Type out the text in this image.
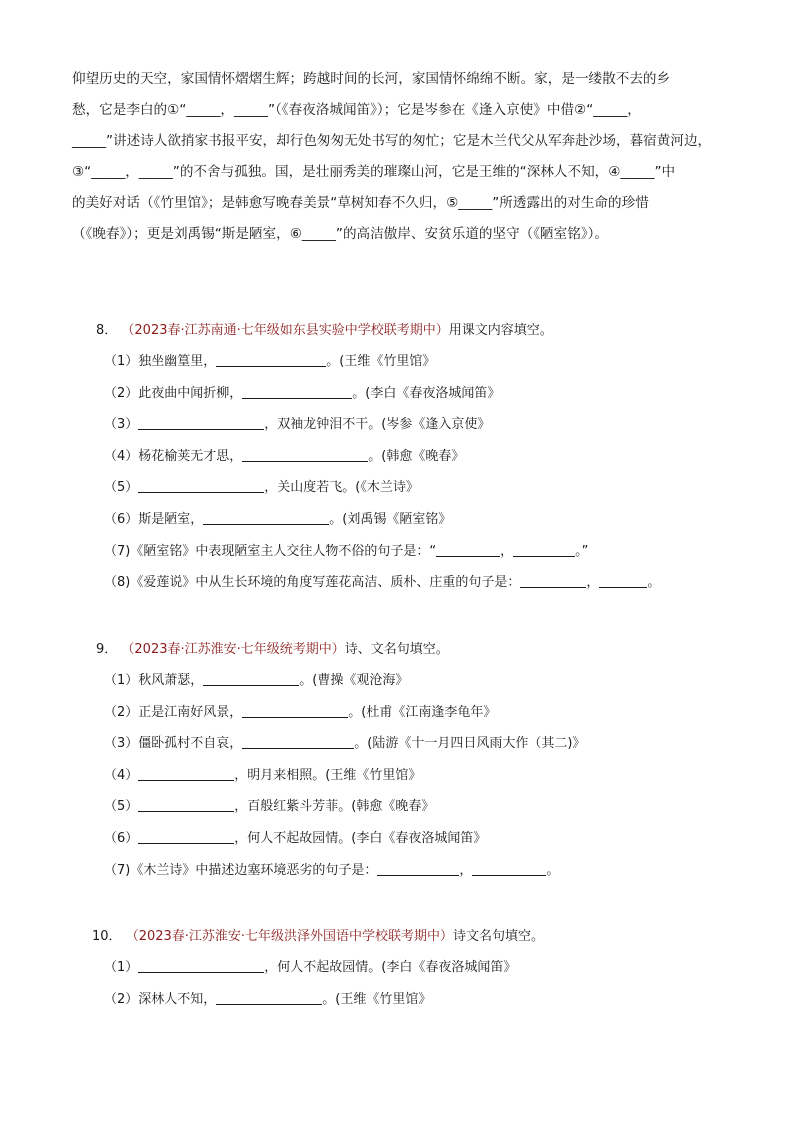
仰望历史的天空，家国情怀熠熠生辉；跨越时间的长河，家国情怀绵绵不断。家，是一缕散不去的乡
愁，它是李白的①“_____，_____”（《春夜洛城闻笛》）；它是岑参在《逢入京使》中借②“_____，
_____”讲述诗人欲捎家书报平安，却行色匆匆无处书写的匆忙；它是木兰代父从军奔赴沙场，暮宿黄河边，
③“_____，_____”的不舍与孤独。国，是壮丽秀美的璀璨山河，它是王维的“深林人不知，④_____”中
的美好对话（《竹里馆》；是韩愈写晚春美景“草树知春不久归，⑤_____”所透露出的对生命的珍惜
（《晚春》）；更是刘禹锡“斯是陋室，⑥_____”的高洁傲岸、安贫乐道的坚守（《陋室铭》）。
8． （2023春·江苏南通·七年级如东县实验中学校联考期中）用课文内容填空。
（1）独坐幽篁里，	。(王维《竹里馆》
（2）此夜曲中闻折柳，	。(李白《春夜洛城闻笛》
（3）	，双袖龙钟泪不干。(岑参《逢入京使》
（4）杨花榆荚无才思，	。(韩愈《晚春》
（5）	，关山度若飞。(《木兰诗》
（6）斯是陋室，	。(刘禹锡《陋室铭》
（7)《陋室铭》中表现陋室主人交往人物不俗的句子是：“	，	。”
（8)《爱莲说》中从生长环境的角度写莲花高洁、质朴、庄重的句子是：	，	。
9． （2023春·江苏淮安·七年级统考期中）诗、文名句填空。
（1）秋风萧瑟，	。(曹操《观沧海》
（2）正是江南好风景，	。(杜甫《江南逢李龟年》
（3）僵卧孤村不自哀，	。(陆游《十一月四日风雨大作（其二)》
（4）	，明月来相照。(王维《竹里馆》
（5）	，百般红紫斗芳菲。(韩愈《晚春》
（6）	，何人不起故园情。(李白《春夜洛城闻笛》
（7)《木兰诗》中描述边塞环境恶劣的句子是：	，	。
10． （2023春·江苏淮安·七年级洪泽外国语中学校联考期中）诗文名句填空。
（1）	，何人不起故园情。(李白《春夜洛城闻笛》
（2）深林人不知，	。(王维《竹里馆》
